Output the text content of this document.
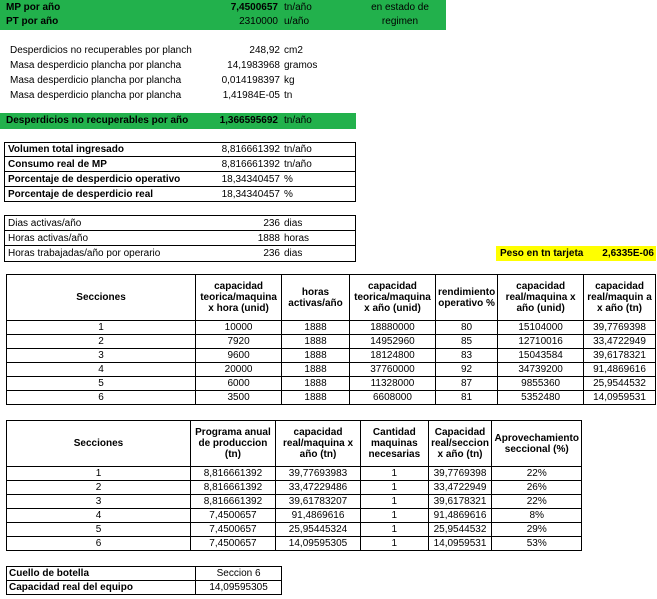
MP por año	7,4500657 tn/año
PT por año	2310000 u/año
en estado de
regimen
Desperdicios no recuperables por planch	248,92 cm2
Masa desperdicio plancha por plancha	14,1983968 gramos
Masa desperdicio plancha por plancha	0,014198397 kg
Masa desperdicio plancha por plancha	1,41984E-05 tn
Desperdicios no recuperables por año	1,366595692 tn/año
Volumen total ingresado	8,816661392 tn/año
Consumo real de MP	8,816661392 tn/año
Porcentaje de desperdicio operativo	18,34340457 %
Porcentaje de desperdicio real	18,34340457 %
Dias activas/año	236 dias
Horas activas/año	1888 horas
Horas trabajadas/año por operario	236 dias	Peso en tn tarjeta	2,6335E-06
Secciones	capacidad teorica/maquina x hora (unid)	horas activas/año	capacidad teorica/maquina x año (unid)	rendimiento operativo %	capacidad real/maquina x año (unid)	capacidad real/maquin a x año (tn)
1	10000	1888	18880000	80	15104000	39,7769398
2	7920	1888	14952960	85	12710016	33,4722949
3	9600	1888	18124800	83	15043584	39,6178321
4	20000	1888	37760000	92	34739200	91,4869616
5	6000	1888	11328000	87	9855360	25,9544532
6	3500	1888	6608000	81	5352480	14,0959531
Secciones	Programa anual de produccion (tn)	capacidad real/maquina x año (tn)	Cantidad maquinas necesarias	Capacidad real/seccion x año (tn)	Aprovechamiento seccional (%)
1	8,816661392	39,77693983	1	39,7769398	22%
2	8,816661392	33,47229486	1	33,4722949	26%
3	8,816661392	39,61783207	1	39,6178321	22%
4	7,4500657	91,4869616	1	91,4869616	8%
5	7,4500657	25,95445324	1	25,9544532	29%
6	7,4500657	14,09595305	1	14,0959531	53%
Cuello de botella	Seccion 6
Capacidad real del equipo	14,09595305
